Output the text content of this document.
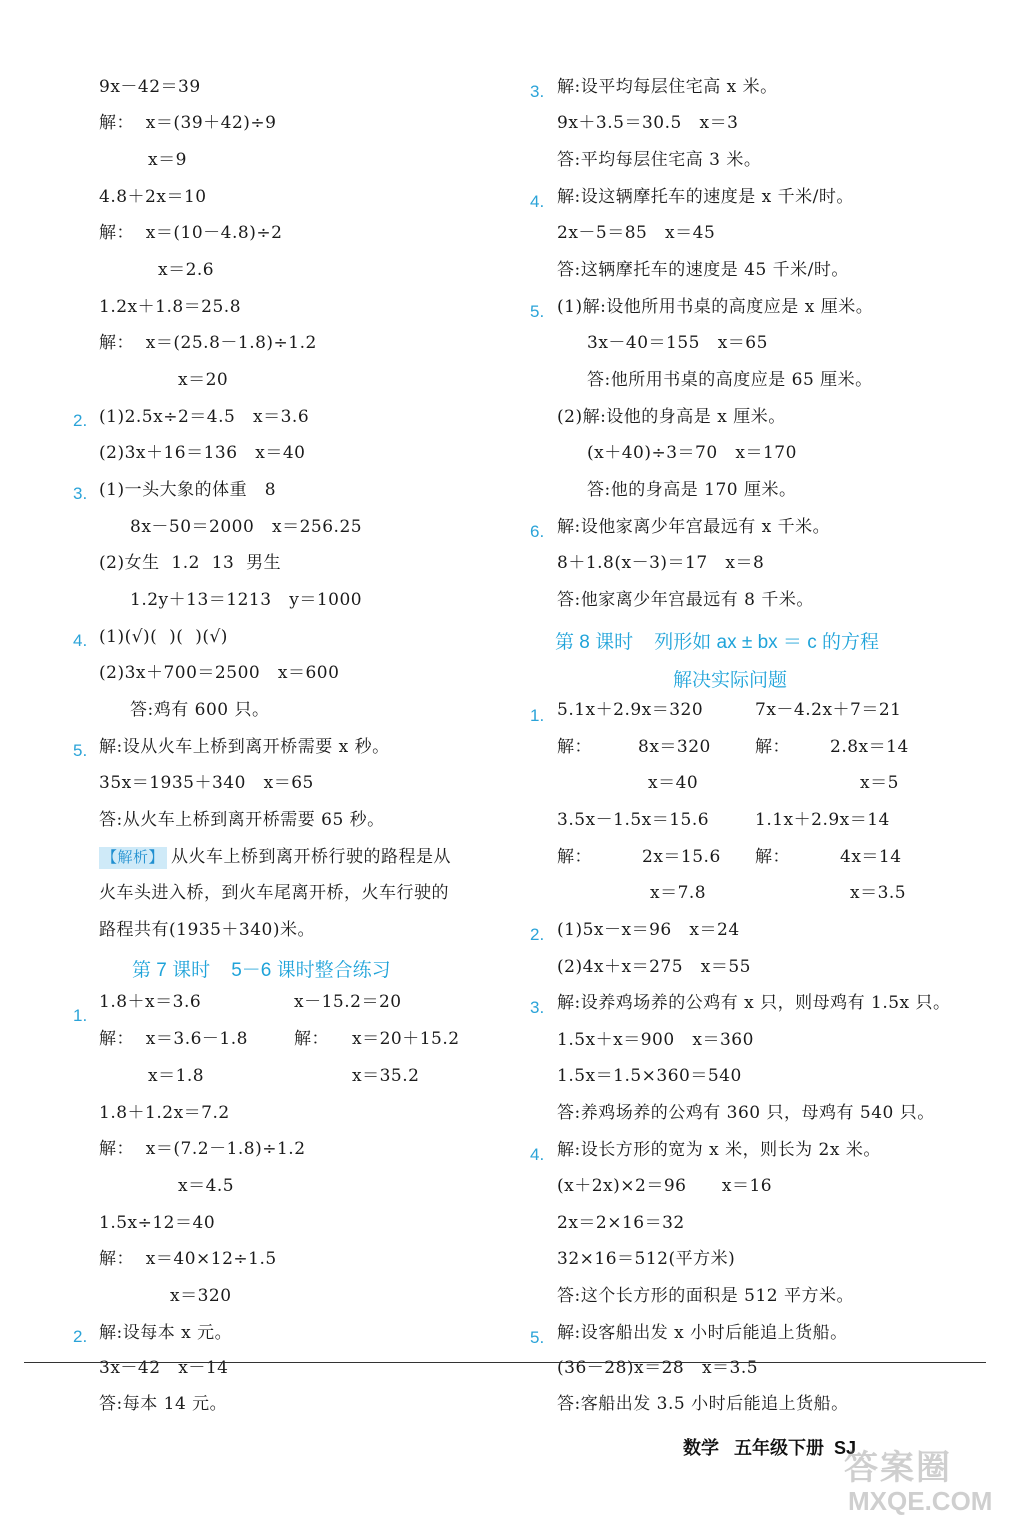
9x－42＝39
解：  x＝(39＋42)÷9
x＝9
4.8＋2x＝10
解：  x＝(10－4.8)÷2
x＝2.6
1.2x＋1.8＝25.8
解：  x＝(25.8－1.8)÷1.2
x＝20
2. (1)2.5x÷2＝4.5   x＝3.6
(2)3x＋16＝136   x＝40
3. (1)一头大象的体重   8
8x－50＝2000   x＝256.25
(2)女生  1.2  13  男生
1.2y＋13＝1213   y＝1000
4. (1)(√)(  )(  )(√)
(2)3x＋700＝2500   x＝600
答:鸡有 600 只。
5. 解:设从火车上桥到离开桥需要 x 秒。
35x＝1935＋340   x＝65
答:从火车上桥到离开桥需要 65 秒。
【解析】 从火车上桥到离开桥行驶的路程是从
火车头进入桥，到火车尾离开桥，火车行驶的
路程共有(1935＋340)米。
第 7 课时    5－6 课时整合练习
1.
1.8＋x＝3.6	x－15.2＝20
解：  x＝3.6－1.8	解： x＝20＋15.2
x＝1.8	x＝35.2
1.8＋1.2x＝7.2
解：  x＝(7.2－1.8)÷1.2
x＝4.5
1.5x÷12＝40
解：  x＝40×12÷1.5
x＝320
2. 解:设每本 x 元。
3x－42   x－14
答:每本 14 元。
3. 解:设平均每层住宅高 x 米。
9x＋3.5＝30.5   x＝3
答:平均每层住宅高 3 米。
4. 解:设这辆摩托车的速度是 x 千米/时。
2x－5＝85   x＝45
答:这辆摩托车的速度是 45 千米/时。
5. (1)解:设他所用书桌的高度应是 x 厘米。
3x－40＝155   x＝65
答:他所用书桌的高度应是 65 厘米。
(2)解:设他的身高是 x 厘米。
(x＋40)÷3＝70   x＝170
答:他的身高是 170 厘米。
6. 解:设他家离少年宫最远有 x 千米。
8＋1.8(x－3)＝17   x＝8
答:他家离少年宫最远有 8 千米。
第 8 课时    列形如 ax ± bx ＝ c 的方程
解决实际问题
1. 5.1x＋2.9x＝320	7x－4.2x＋7＝21
解：	8x＝320	解： 2.8x＝14
x＝40	x＝5
3.5x－1.5x＝15.6	1.1x＋2.9x＝14
解：	2x＝15.6 解：	4x＝14
x＝7.8	x＝3.5
2. (1)5x－x＝96   x＝24
(2)4x＋x＝275   x＝55
3. 解:设养鸡场养的公鸡有 x 只，则母鸡有 1.5x 只。
1.5x＋x＝900   x＝360
1.5x＝1.5×360＝540
答:养鸡场养的公鸡有 360 只，母鸡有 540 只。
4. 解:设长方形的宽为 x 米，则长为 2x 米。
(x＋2x)×2＝96      x＝16
2x＝2×16＝32
32×16＝512(平方米)
答:这个长方形的面积是 512 平方米。
5. 解:设客船出发 x 小时后能追上货船。
(36－28)x＝28   x＝3.5
答:客船出发 3.5 小时后能追上货船。
数学   五年级下册  SJ
答案圈
MXQE.COM
